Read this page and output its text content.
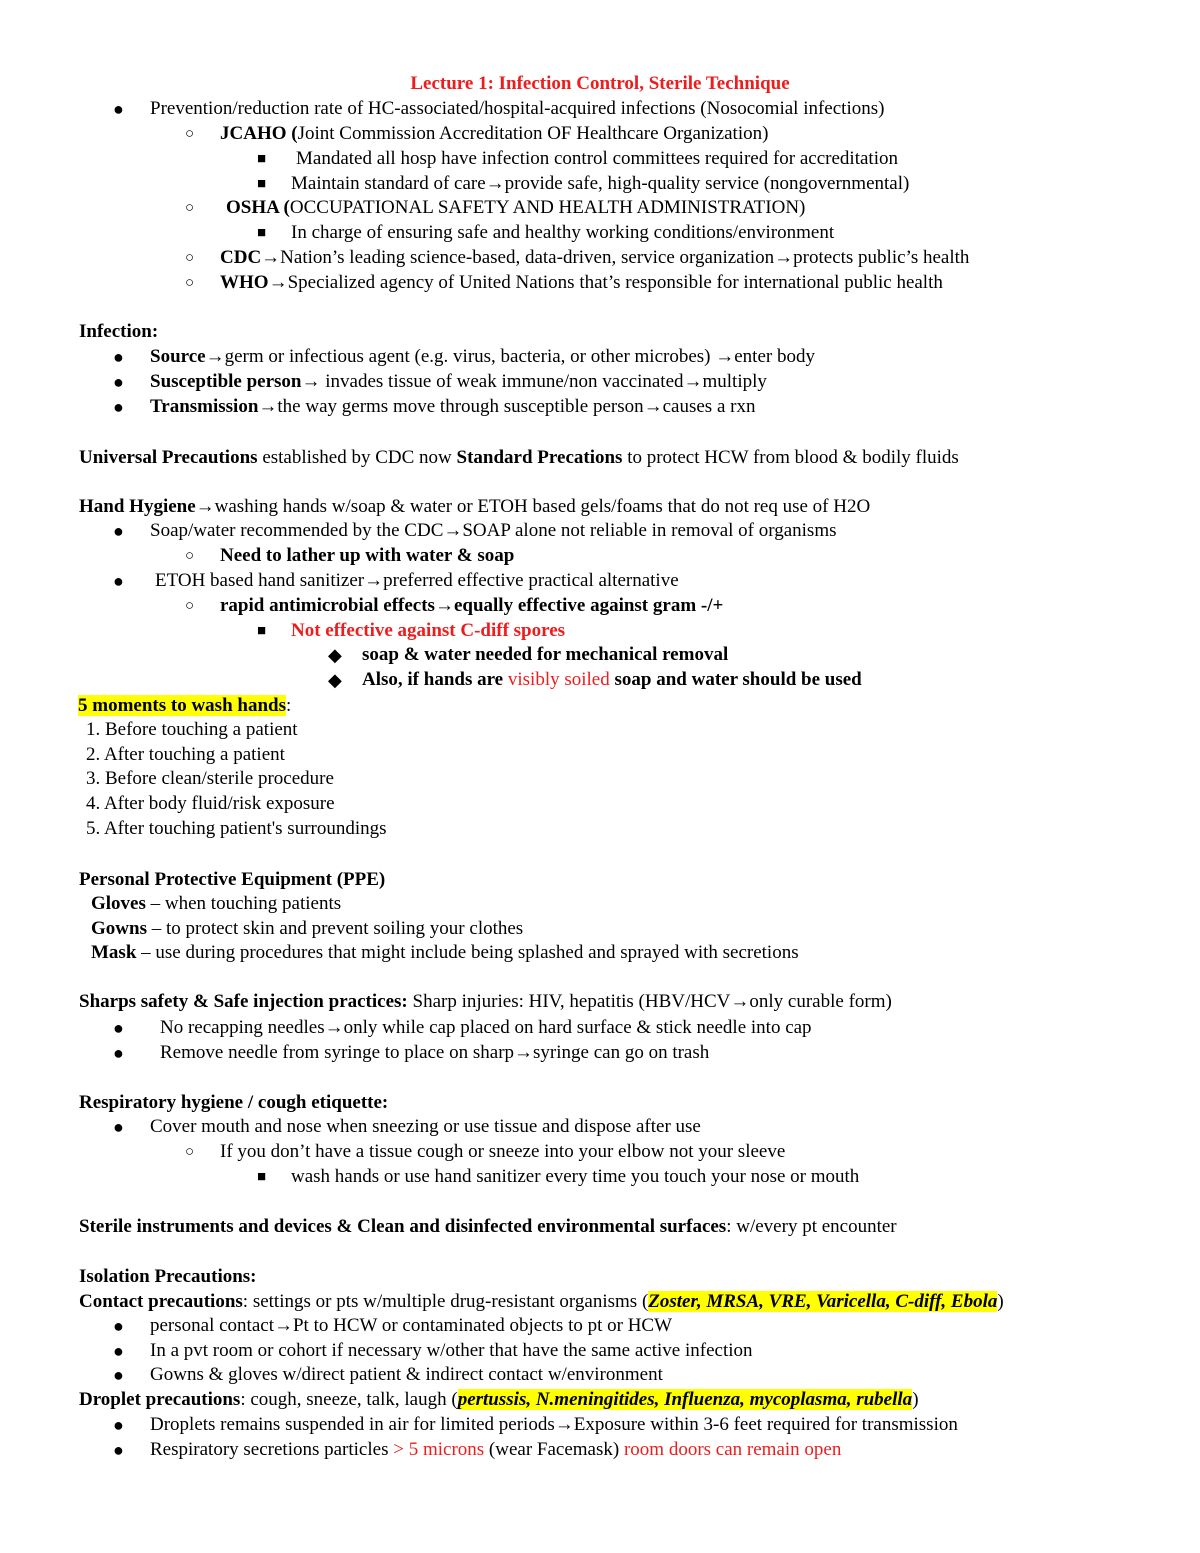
Lecture 1: Infection Control, Sterile Technique
● Prevention/reduction rate of HC-associated/hospital-acquired infections (Nosocomial infections)
○ JCAHO (Joint Commission Accreditation OF Healthcare Organization)
■ Mandated all hosp have infection control committees required for accreditation
■ Maintain standard of care→provide safe, high-quality service (nongovernmental)
○ OSHA (OCCUPATIONAL SAFETY AND HEALTH ADMINISTRATION)
■ In charge of ensuring safe and healthy working conditions/environment
○ CDC→Nation’s leading science-based, data-driven, service organization→protects public’s health
○ WHO→Specialized agency of United Nations that’s responsible for international public health
Infection:
● Source→germ or infectious agent (e.g. virus, bacteria, or other microbes) →enter body
● Susceptible person→ invades tissue of weak immune/non vaccinated→multiply
● Transmission→the way germs move through susceptible person→causes a rxn
Universal Precautions established by CDC now Standard Precations to protect HCW from blood & bodily fluids
Hand Hygiene→washing hands w/soap & water or ETOH based gels/foams that do not req use of H2O
● Soap/water recommended by the CDC→SOAP alone not reliable in removal of organisms
○ Need to lather up with water & soap
● ETOH based hand sanitizer→preferred effective practical alternative
○ rapid antimicrobial effects→equally effective against gram -/+
■ Not effective against C-diff spores
◆ soap & water needed for mechanical removal
◆ Also, if hands are visibly soiled soap and water should be used
5 moments to wash hands:
1. Before touching a patient
2. After touching a patient
3. Before clean/sterile procedure
4. After body fluid/risk exposure
5. After touching patient's surroundings
Personal Protective Equipment (PPE)
Gloves – when touching patients
Gowns – to protect skin and prevent soiling your clothes
Mask – use during procedures that might include being splashed and sprayed with secretions
Sharps safety & Safe injection practices: Sharp injuries: HIV, hepatitis (HBV/HCV→only curable form)
● No recapping needles→only while cap placed on hard surface & stick needle into cap
● Remove needle from syringe to place on sharp→syringe can go on trash
Respiratory hygiene / cough etiquette:
● Cover mouth and nose when sneezing or use tissue and dispose after use
○ If you don’t have a tissue cough or sneeze into your elbow not your sleeve
■ wash hands or use hand sanitizer every time you touch your nose or mouth
Sterile instruments and devices & Clean and disinfected environmental surfaces: w/every pt encounter
Isolation Precautions:
Contact precautions: settings or pts w/multiple drug-resistant organisms (Zoster, MRSA, VRE, Varicella, C-diff, Ebola)
● personal contact→Pt to HCW or contaminated objects to pt or HCW
● In a pvt room or cohort if necessary w/other that have the same active infection
● Gowns & gloves w/direct patient & indirect contact w/environment
Droplet precautions: cough, sneeze, talk, laugh (pertussis, N.meningitides, Influenza, mycoplasma, rubella)
● Droplets remains suspended in air for limited periods→Exposure within 3-6 feet required for transmission
● Respiratory secretions particles > 5 microns (wear Facemask) room doors can remain open
